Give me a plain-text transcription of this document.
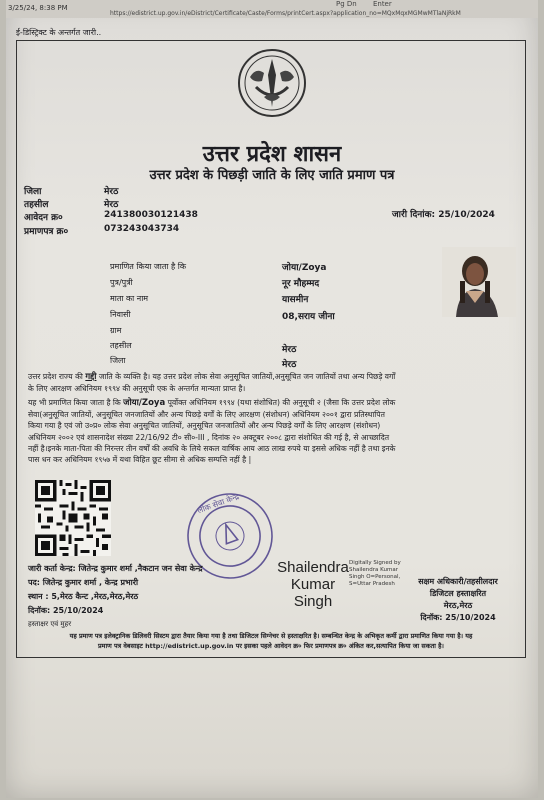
3/25/24, 8:38 PM	Pg Dn Enter
https://edistrict.up.gov.in/eDistrict/Certificate/Caste/Forms/printCert.aspx?application_no=MQxMqxMGMwMTlaNjRkM
ई-डिस्ट्रिक्ट के अन्तर्गत जारी..
उत्तर प्रदेश शासन
उत्तर प्रदेश के पिछड़ी जाति के लिए जाति प्रमाण पत्र
जिला	मेरठ
तहसील	मेरठ
आवेदन क्र०	241380030121438
प्रमाणपत्र क्र०	073243043734
जारी दिनांक: 25/10/2024
प्रमाणित किया जाता है कि	जोया/Zoya
पुत्र/पुत्री	नूर मौहम्मद
माता का नाम	यासमीन
निवासी	08,सराय जीना
ग्राम
तहसील	मेरठ
जिला	मेरठ
उत्तर प्रदेश राज्य की गद्दी जाति के व्यक्ति है। यह उत्तर प्रदेश लोक सेवा अनुसूचित जातियों,अनुसूचित जन जातियों तथा अन्य पिछड़े वर्गों
के लिए आरक्षण अधिनियम १९९४ की अनुसूची एक के अन्तर्गत मान्यता प्राप्त है।
यह भी प्रमाणित किया जाता है कि जोया/Zoya पूर्वोक्त अधिनियम १९९४ (यथा संशोधित) की अनुसूची २ (जैसा कि उत्तर प्रदेश लोक
सेवा(अनुसूचित जातियों, अनुसूचित जनजातियों और अन्य पिछड़े वर्गों के लिए आरक्षण (संशोधन) अधिनियम २००१ द्वारा प्रतिस्थापित
किया गया है एवं जो उ०प्र० लोक सेवा अनुसूचित जातियों, अनुसूचित जनजातियों और अन्य पिछड़े वर्गों के लिए आरक्षण (संशोधन)
अधिनियम २००२ एवं शासनादेश संख्या 22/16/92 टी० सी०-III , दिनांक २० अक्टूबर २००८ द्वारा संशोधित की गई है, से आच्छादित
नहीं है।इनके माता-पिता की निरन्तर तीन वर्षों की अवधि के लिये सकल वार्षिक आय आठ लाख रुपये या इससे अधिक नहीं है तथा इनके
पास धन कर अधिनियम १९५७ में यथा विहित छूट सीमा से अधिक सम्पत्ति नहीं है |
लोक सेवा केन्द्र
जारी कर्ता केन्द्र: जितेन्द्र कुमार शर्मा ,नैकटान जन सेवा केन्द्र
पद: जितेन्द्र कुमार शर्मा , केन्द्र प्रभारी
स्थान : 5,मेरठ कैन्ट ,मेरठ,मेरठ,मेरठ
दिनॉक: 25/10/2024
हस्ताक्षर एवं मुहर
Shailendra Kumar Singh
Digitally Signed by
Shailendra Kumar
Singh O=Personal,
S=Uttar Pradesh	सक्षम अधिकारी/तहसीलदार
डिजिटल हस्ताक्षरित
मेरठ,मेरठ
दिनॉक: 25/10/2024
यह प्रमाण पत्र इलेक्ट्रानिक डिलिवरी सिस्टम द्वारा तैयार किया गया है तथा डिजिटल सिग्नेचर से हस्ताक्षरित है। सम्बन्धित केन्द्र के अभिकृत कर्मी द्वारा प्रमाणित किया गया है। यह
प्रमाण पत्र वेबसाइट http://edistrict.up.gov.in पर इसका पहले आवेदन क्र० फिर प्रमाणपत्र क्र० अंकित कर,सत्यापित किया जा सकता है।
